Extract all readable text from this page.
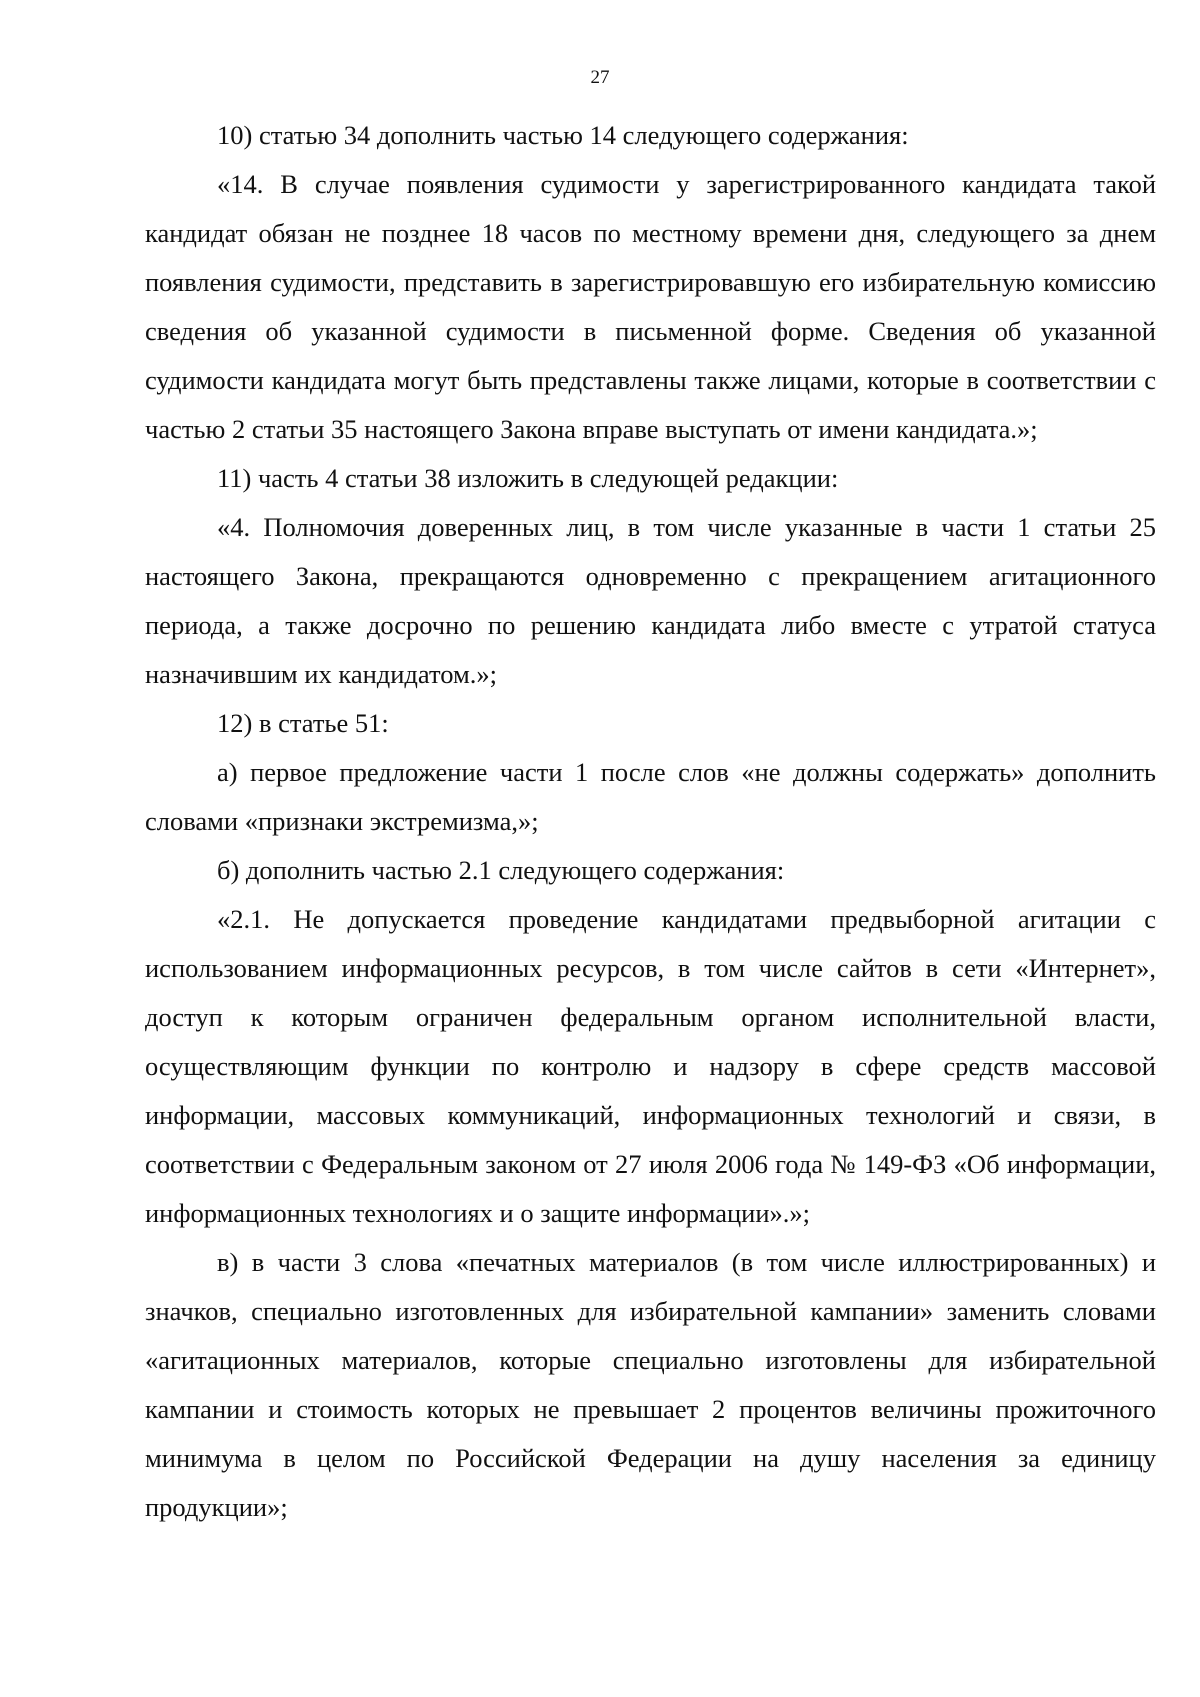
27

10) статью 34 дополнить частью 14 следующего содержания:

«14. В случае появления судимости у зарегистрированного кандидата такой кандидат обязан не позднее 18 часов по местному времени дня, следующего за днем появления судимости, представить в зарегистрировавшую его избирательную комиссию сведения об указанной судимости в письменной форме. Сведения об указанной судимости кандидата могут быть представлены также лицами, которые в соответствии с частью 2 статьи 35 настоящего Закона вправе выступать от имени кандидата.»;

11) часть 4 статьи 38 изложить в следующей редакции:

«4. Полномочия доверенных лиц, в том числе указанные в части 1 статьи 25 настоящего Закона, прекращаются одновременно с прекращением агитационного периода, а также досрочно по решению кандидата либо вместе с утратой статуса назначившим их кандидатом.»;

12) в статье 51:

а) первое предложение части 1 после слов «не должны содержать» дополнить словами «признаки экстремизма,»;

б) дополнить частью 2.1 следующего содержания:

«2.1. Не допускается проведение кандидатами предвыборной агитации с использованием информационных ресурсов, в том числе сайтов в сети «Интернет», доступ к которым ограничен федеральным органом исполнительной власти, осуществляющим функции по контролю и надзору в сфере средств массовой информации, массовых коммуникаций, информационных технологий и связи, в соответствии с Федеральным законом от 27 июля 2006 года № 149-ФЗ «Об информации, информационных технологиях и о защите информации».»;

в) в части 3 слова «печатных материалов (в том числе иллюстрированных) и значков, специально изготовленных для избирательной кампании» заменить словами «агитационных материалов, которые специально изготовлены для избирательной кампании и стоимость которых не превышает 2 процентов величины прожиточного минимума в целом по Российской Федерации на душу населения за единицу продукции»;
